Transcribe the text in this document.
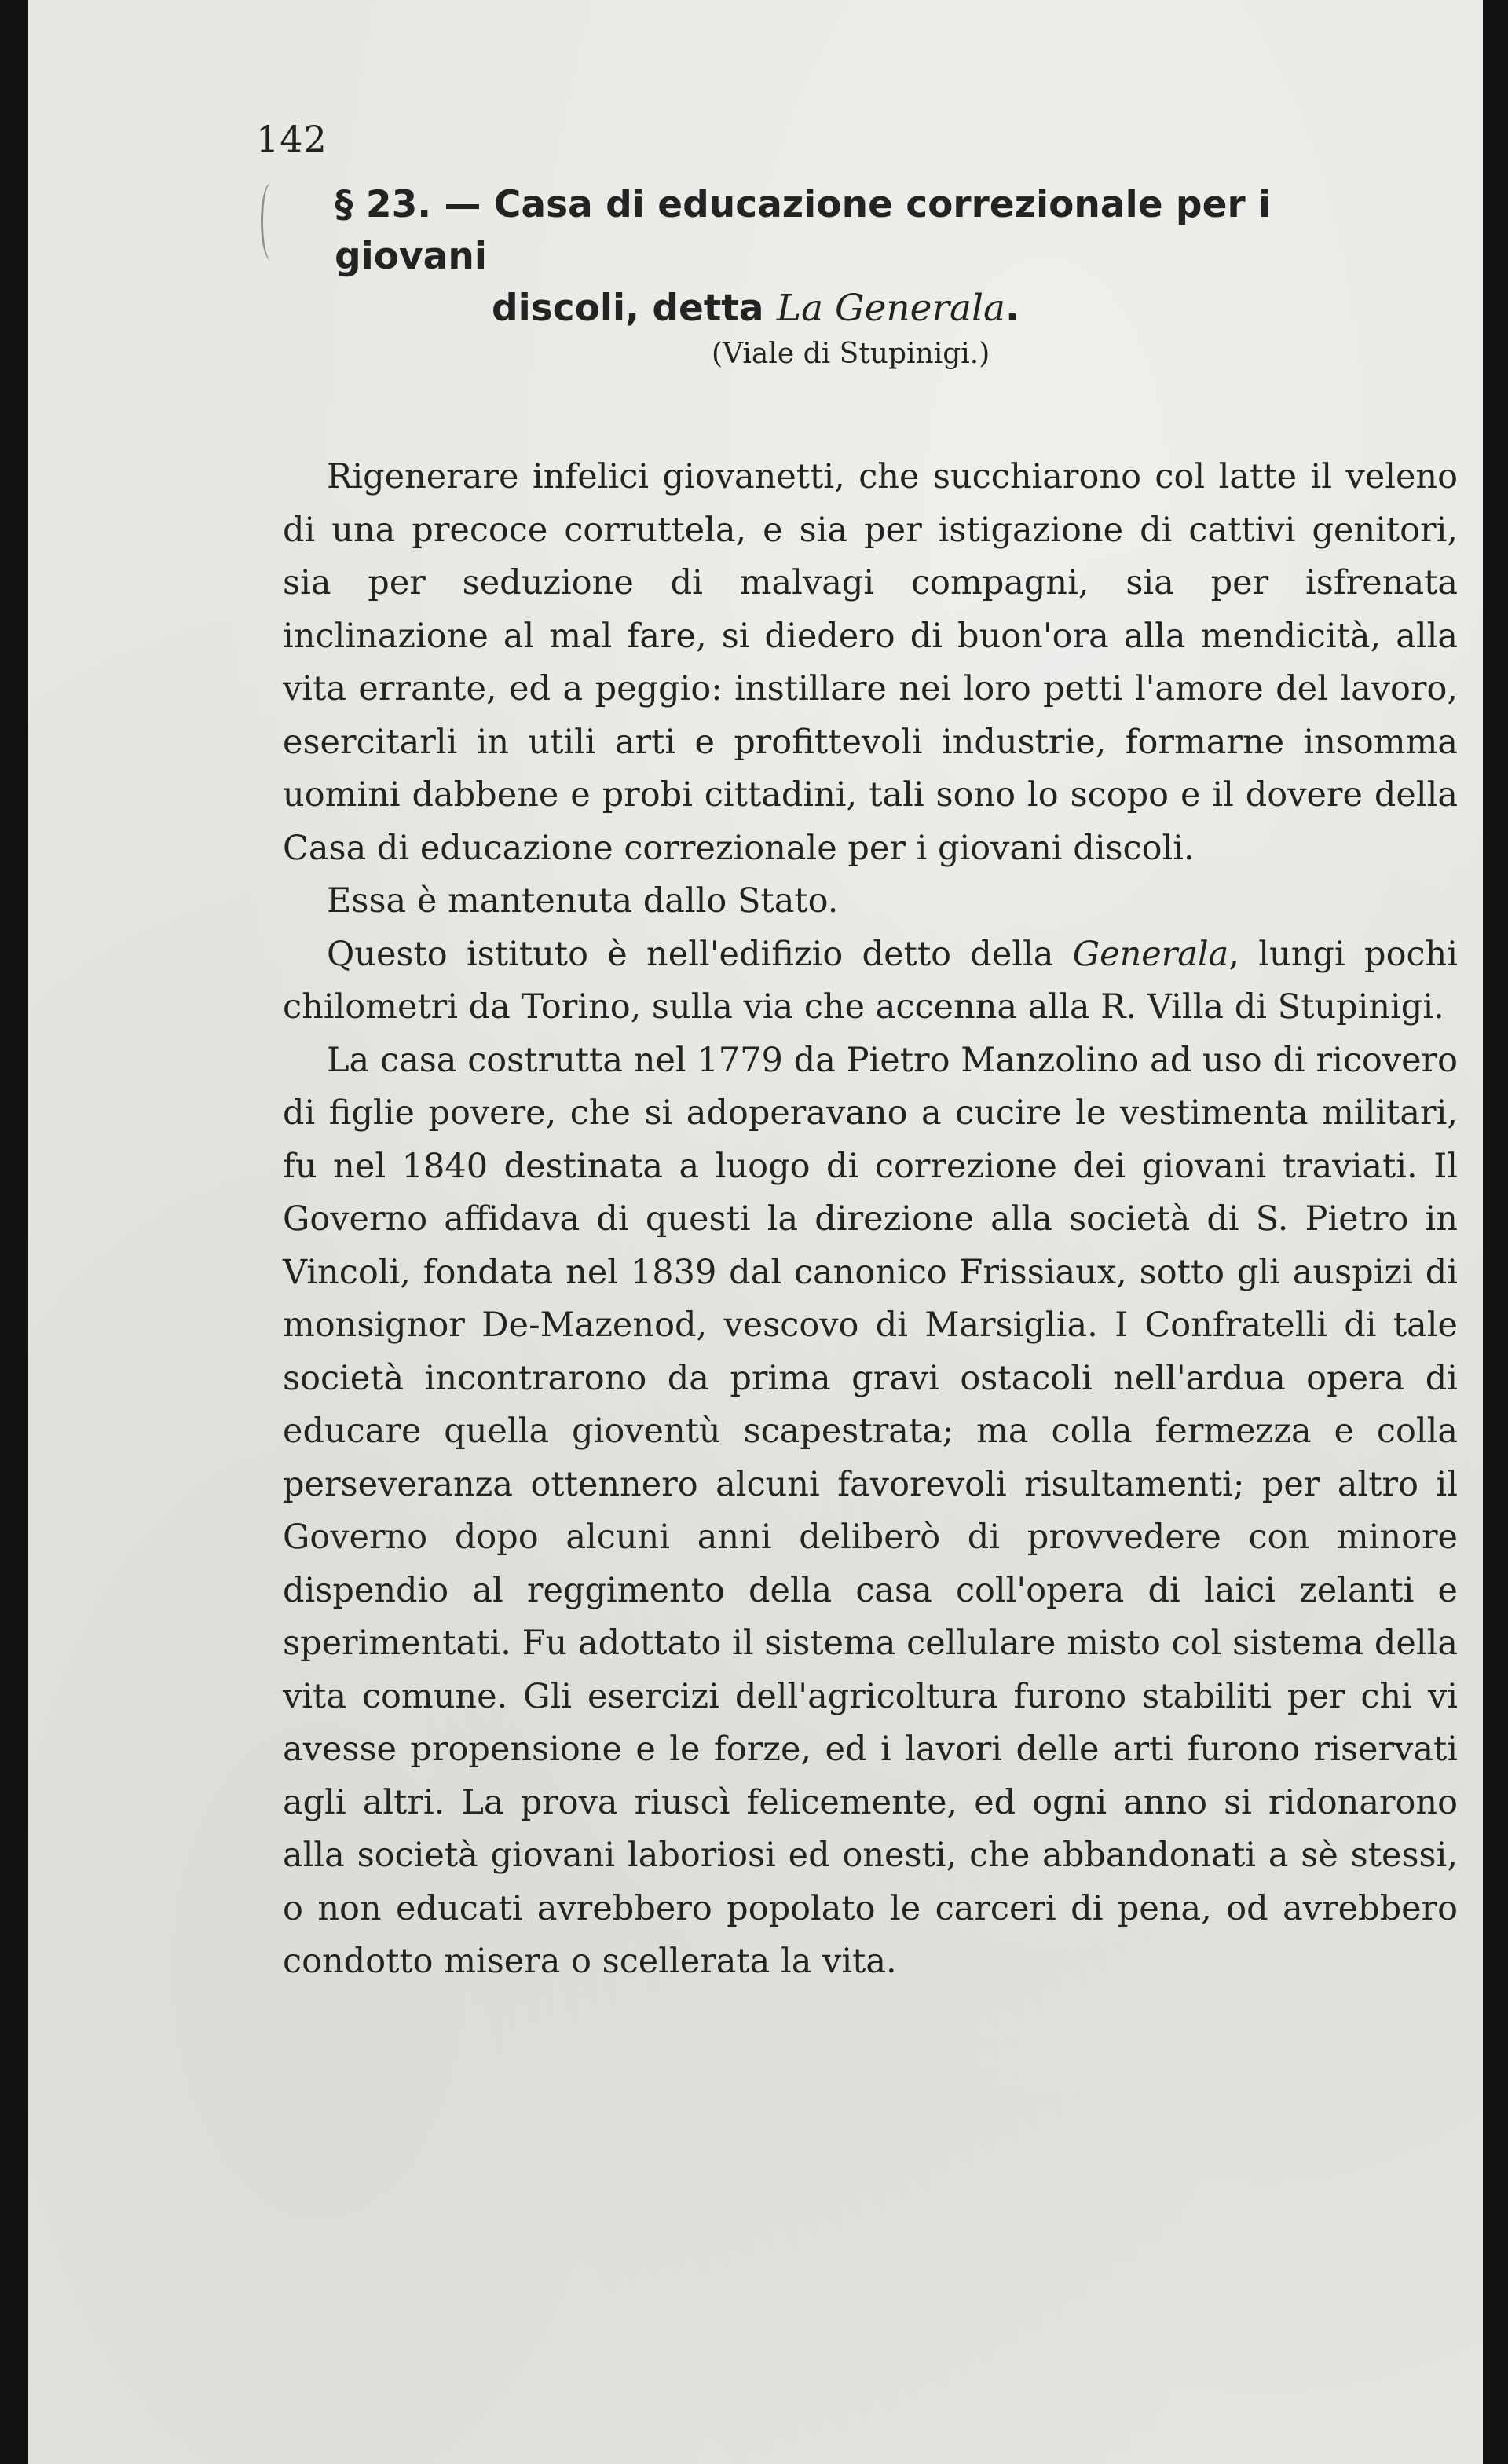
142
§ 23. — Casa di educazione correzionale per i giovani
discoli, detta La Generala.
(Viale di Stupinigi.)

Rigenerare infelici giovanetti, che succhiarono col latte il veleno di una precoce corruttela, e sia per istigazione di cattivi genitori, sia per seduzione di malvagi compagni, sia per isfrenata inclinazione al mal fare, si diedero di buon'ora alla mendicità, alla vita errante, ed a peggio: instillare nei loro petti l'amore del lavoro, esercitarli in utili arti e profittevoli industrie, formarne insomma uomini dabbene e probi cittadini, tali sono lo scopo e il dovere della Casa di educazione correzionale per i giovani discoli.

Essa è mantenuta dallo Stato.

Questo istituto è nell'edifizio detto della Generala, lungi pochi chilometri da Torino, sulla via che accenna alla R. Villa di Stupinigi.

La casa costrutta nel 1779 da Pietro Manzolino ad uso di ricovero di figlie povere, che si adoperavano a cucire le vestimenta militari, fu nel 1840 destinata a luogo di correzione dei giovani traviati. Il Governo affidava di questi la direzione alla società di S. Pietro in Vincoli, fondata nel 1839 dal canonico Frissiaux, sotto gli auspizi di monsignor De-Mazenod, vescovo di Marsiglia. I Confratelli di tale società incontrarono da prima gravi ostacoli nell'ardua opera di educare quella gioventù scapestrata; ma colla fermezza e colla perseveranza ottennero alcuni favorevoli risultamenti; per altro il Governo dopo alcuni anni deliberò di provvedere con minore dispendio al reggimento della casa coll'opera di laici zelanti e sperimentati. Fu adottato il sistema cellulare misto col sistema della vita comune. Gli esercizi dell'agricoltura furono stabiliti per chi vi avesse propensione e le forze, ed i lavori delle arti furono riservati agli altri. La prova riuscì felicemente, ed ogni anno si ridonarono alla società giovani laboriosi ed onesti, che abbandonati a sè stessi, o non educati avrebbero popolato le carceri di pena, od avrebbero condotto misera o scellerata la vita.
